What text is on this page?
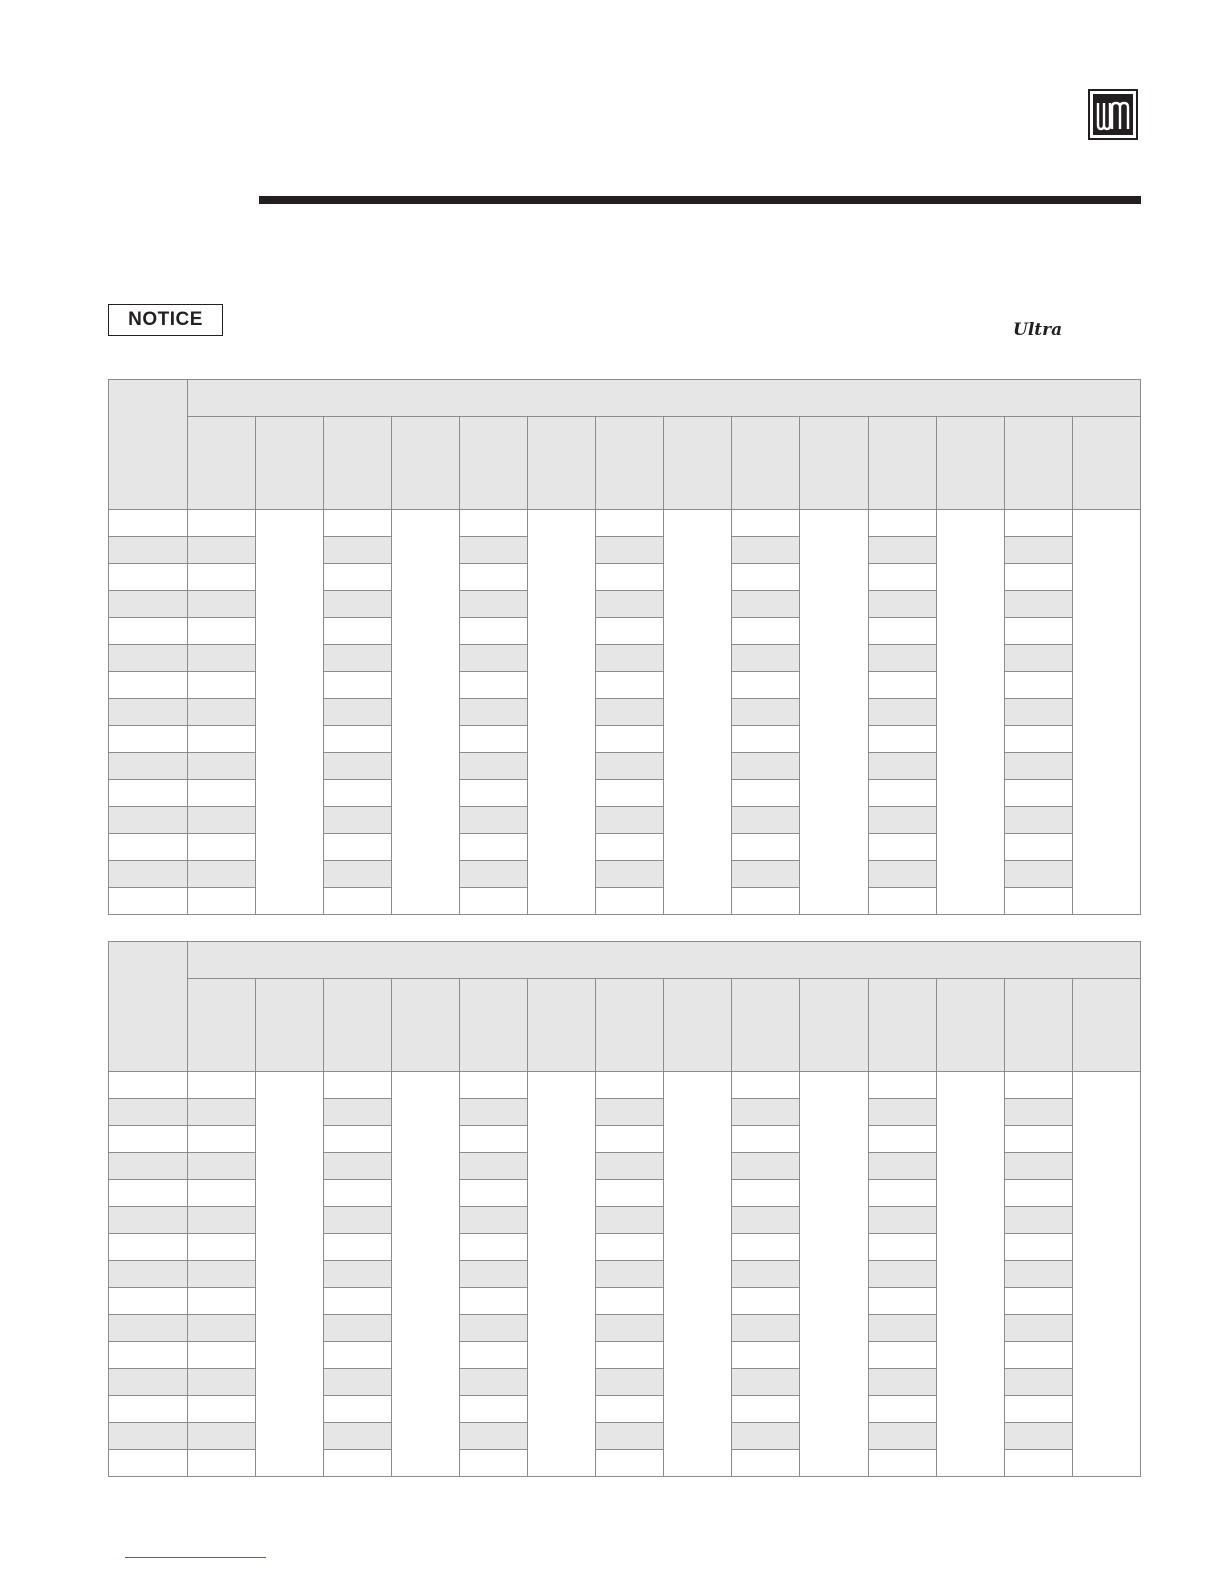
NOTICE	Ultra
